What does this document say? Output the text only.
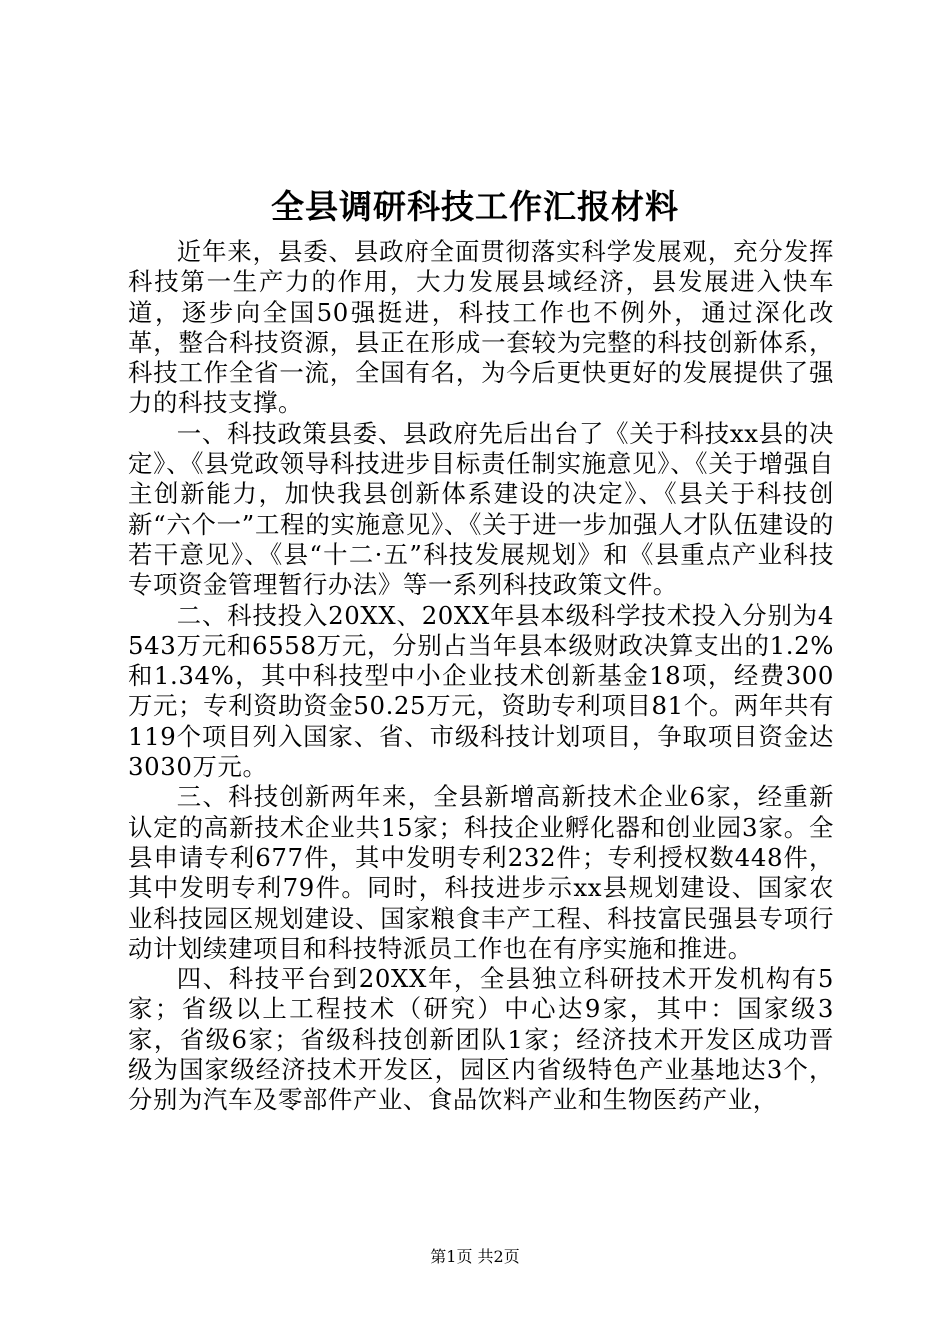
全县调研科技工作汇报材料

近年来，县委、县政府全面贯彻落实科学发展观，充分发挥科技第一生产力的作用，大力发展县域经济，县发展进入快车道，逐步向全国50强挺进，科技工作也不例外，通过深化改革，整合科技资源，县正在形成一套较为完整的科技创新体系，科技工作全省一流，全国有名，为今后更快更好的发展提供了强力的科技支撑。

一、科技政策县委、县政府先后出台了《关于科技xx县的决定》、《县党政领导科技进步目标责任制实施意见》、《关于增强自主创新能力，加快我县创新体系建设的决定》、《县关于科技创新“六个一”工程的实施意见》、《关于进一步加强人才队伍建设的若干意见》、《县“十二·五”科技发展规划》和《县重点产业科技专项资金管理暂行办法》等一系列科技政策文件。

二、科技投入20XX、20XX年县本级科学技术投入分别为4543万元和6558万元，分别占当年县本级财政决算支出的1.2%和1.34%，其中科技型中小企业技术创新基金18项，经费300万元；专利资助资金50.25万元，资助专利项目81个。两年共有119个项目列入国家、省、市级科技计划项目，争取项目资金达3030万元。

三、科技创新两年来，全县新增高新技术企业6家，经重新认定的高新技术企业共15家；科技企业孵化器和创业园3家。全县申请专利677件，其中发明专利232件；专利授权数448件，其中发明专利79件。同时，科技进步示xx县规划建设、国家农业科技园区规划建设、国家粮食丰产工程、科技富民强县专项行动计划续建项目和科技特派员工作也在有序实施和推进。

四、科技平台到20XX年，全县独立科研技术开发机构有5家；省级以上工程技术（研究）中心达9家，其中：国家级3家，省级6家；省级科技创新团队1家；经济技术开发区成功晋级为国家级经济技术开发区，园区内省级特色产业基地达3个，分别为汽车及零部件产业、食品饮料产业和生物医药产业，

第1页 共2页
